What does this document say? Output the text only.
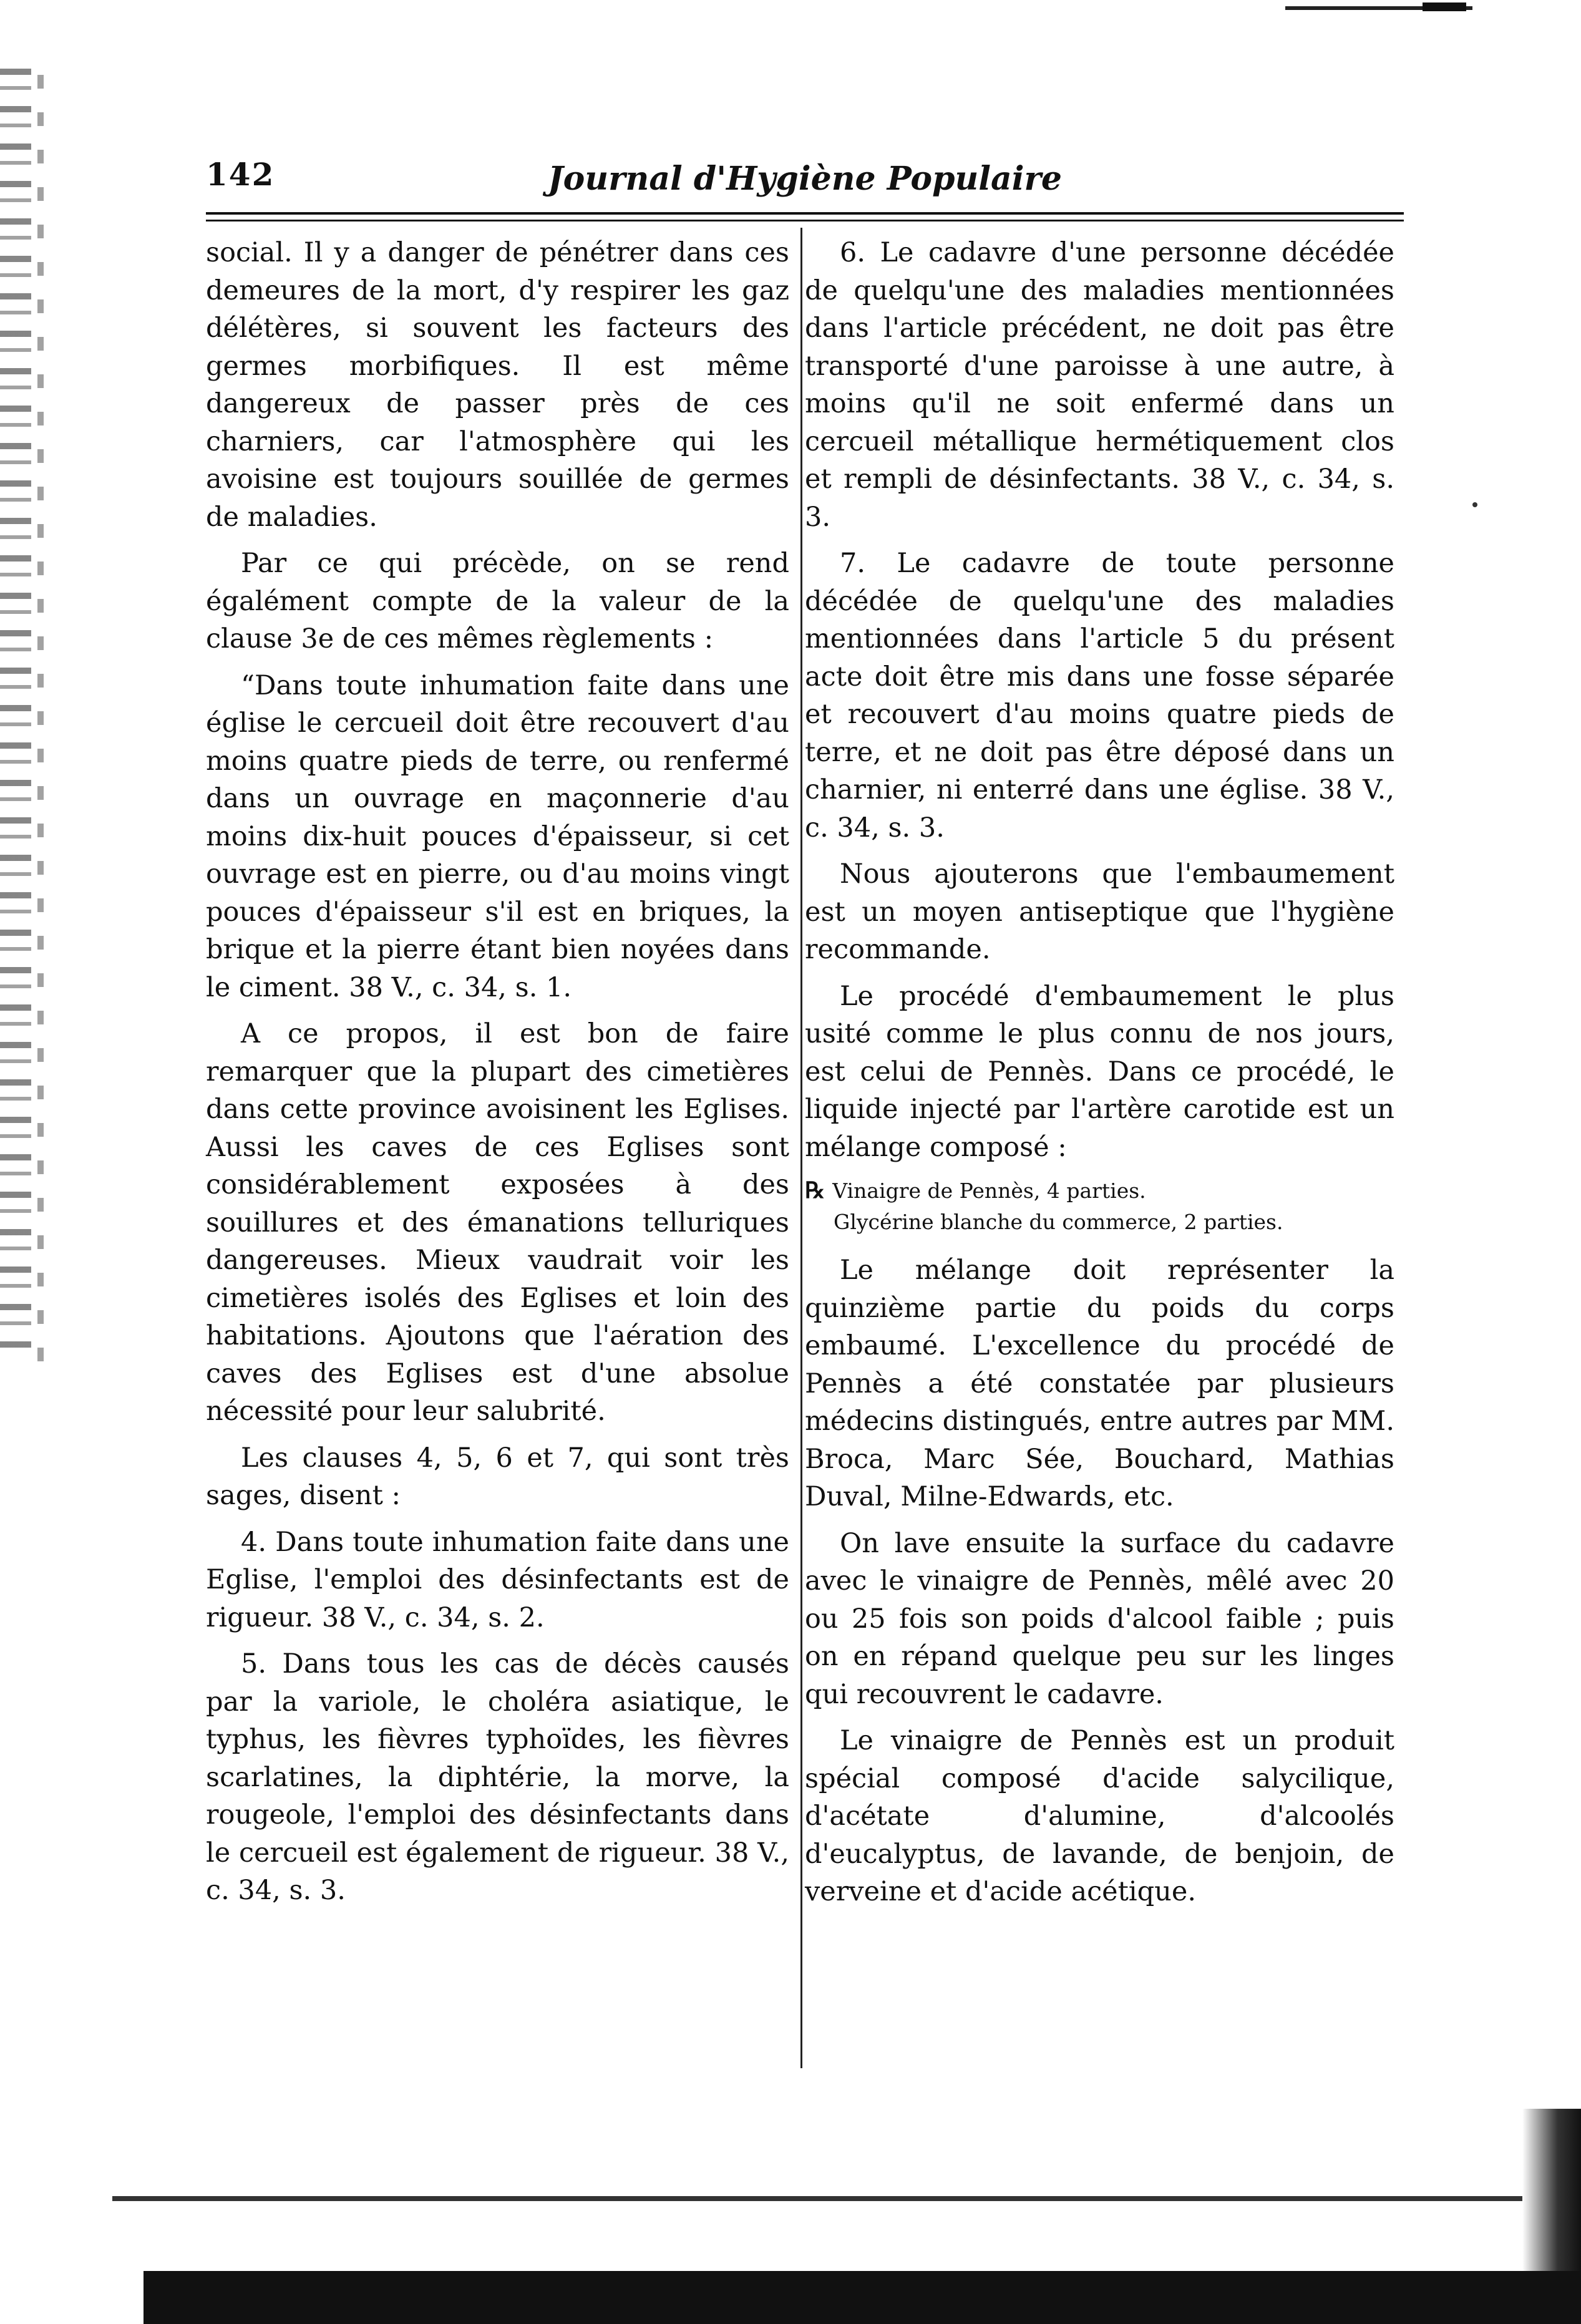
142	Journal d'Hygiène Populaire

social. Il y a danger de pénétrer dans ces demeures de la mort, d'y respirer les gaz délétères, si souvent les facteurs des germes morbifiques. Il est même dangereux de passer près de ces charniers, car l'atmosphère qui les avoisine est toujours souillée de germes de maladies.

Par ce qui précède, on se rend égalément compte de la valeur de la clause 3e de ces mêmes règlements :

“Dans toute inhumation faite dans une église le cercueil doit être recouvert d'au moins quatre pieds de terre, ou renfermé dans un ouvrage en maçonnerie d'au moins dix-huit pouces d'épaisseur, si cet ouvrage est en pierre, ou d'au moins vingt pouces d'épaisseur s'il est en briques, la brique et la pierre étant bien noyées dans le ciment. 38 V., c. 34, s. 1.

A ce propos, il est bon de faire remarquer que la plupart des cimetières dans cette province avoisinent les Eglises. Aussi les caves de ces Eglises sont considérablement exposées à des souillures et des émanations telluriques dangereuses. Mieux vaudrait voir les cimetières isolés des Eglises et loin des habitations. Ajoutons que l'aération des caves des Eglises est d'une absolue nécessité pour leur salubrité.

Les clauses 4, 5, 6 et 7, qui sont très sages, disent :

4. Dans toute inhumation faite dans une Eglise, l'emploi des désinfectants est de rigueur. 38 V., c. 34, s. 2.

5. Dans tous les cas de décès causés par la variole, le choléra asiatique, le typhus, les fièvres typhoïdes, les fièvres scarlatines, la diphtérie, la morve, la rougeole, l'emploi des désinfectants dans le cercueil est également de rigueur. 38 V., c. 34, s. 3.

6. Le cadavre d'une personne décédée de quelqu'une des maladies mentionnées dans l'article précédent, ne doit pas être transporté d'une paroisse à une autre, à moins qu'il ne soit enfermé dans un cercueil métallique hermétiquement clos et rempli de désinfectants. 38 V., c. 34, s. 3.

7. Le cadavre de toute personne décédée de quelqu'une des maladies mentionnées dans l'article 5 du présent acte doit être mis dans une fosse séparée et recouvert d'au moins quatre pieds de terre, et ne doit pas être déposé dans un charnier, ni enterré dans une église. 38 V., c. 34, s. 3.

Nous ajouterons que l'embaumement est un moyen antiseptique que l'hygiène recommande.

Le procédé d'embaumement le plus usité comme le plus connu de nos jours, est celui de Pennès. Dans ce procédé, le liquide injecté par l'artère carotide est un mélange composé :

℞ Vinaigre de Pennès, 4 parties.

Glycérine blanche du commerce, 2 parties.

Le mélange doit représenter la quinzième partie du poids du corps embaumé. L'excellence du procédé de Pennès a été constatée par plusieurs médecins distingués, entre autres par MM. Broca, Marc Sée, Bouchard, Mathias Duval, Milne-Edwards, etc.

On lave ensuite la surface du cadavre avec le vinaigre de Pennès, mêlé avec 20 ou 25 fois son poids d'alcool faible ; puis on en répand quelque peu sur les linges qui recouvrent le cadavre.

Le vinaigre de Pennès est un produit spécial composé d'acide salycilique, d'acétate d'alumine, d'alcoolés d'eucalyptus, de lavande, de benjoin, de verveine et d'acide acétique.
